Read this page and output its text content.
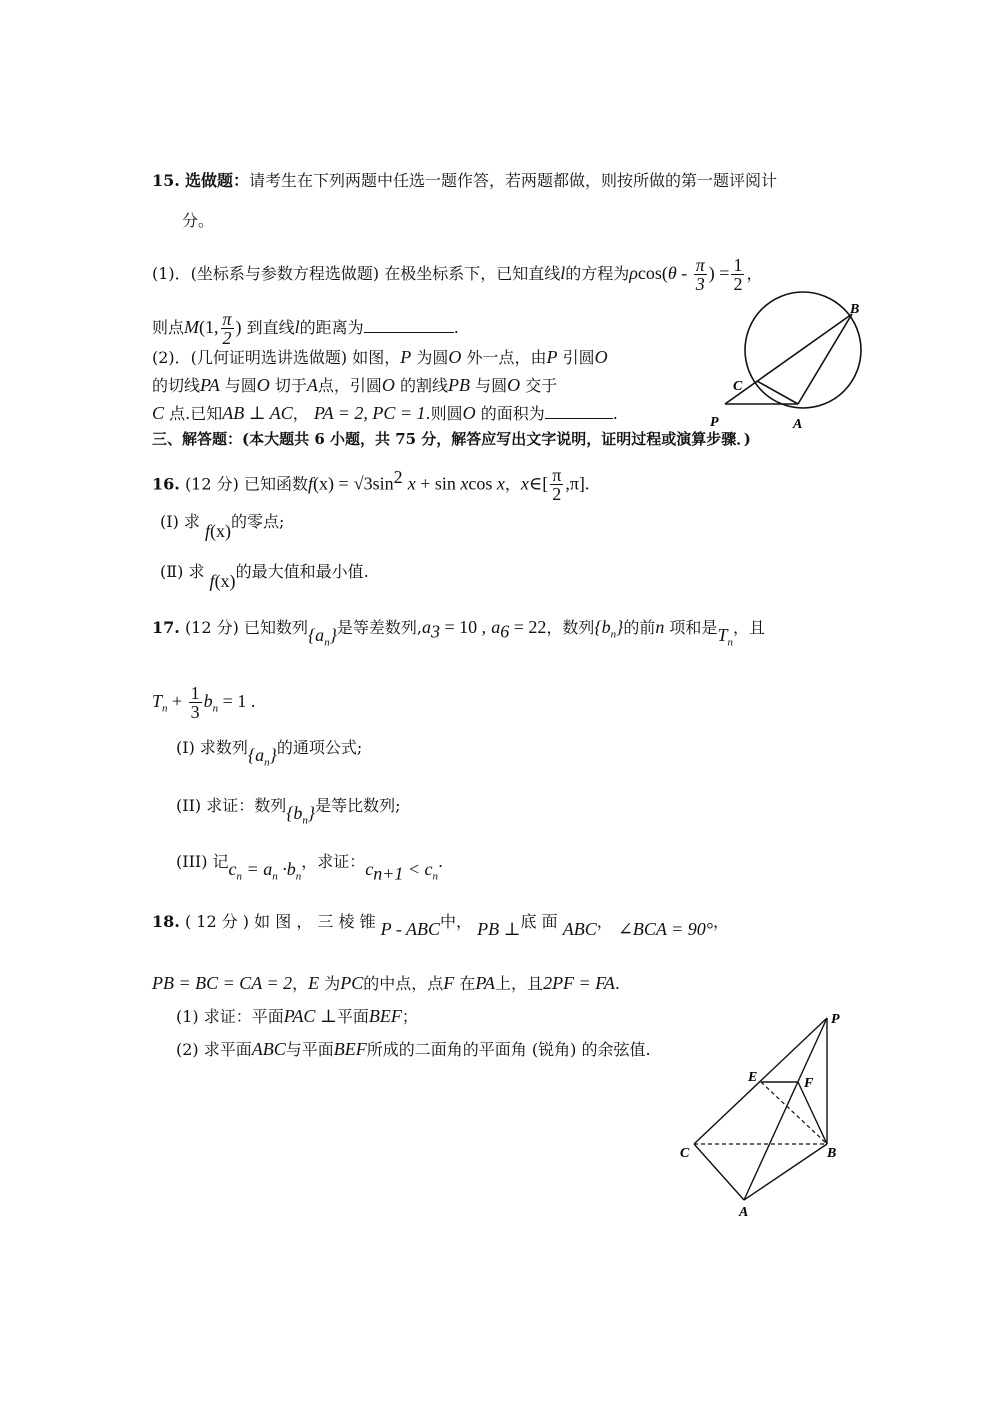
15. 选做题：请考生在下列两题中任选一题作答，若两题都做，则按所做的第一题评阅计
分。
(1)．(坐标系与参数方程选做题) 在极坐标系下，已知直线l的方程为$\rho\cos(\theta - \frac{\pi}{3}$ ) = $\frac{1}{2}$ ，
则点M(1, $\frac{\pi}{2}$ ) 到直线l的距离为	.
(2)．(几何证明选讲选做题) 如图，P 为圆O 外一点，由P 引圆O
的切线PA 与圆O 切于A点，引圆O 的割线PB 与圆O 交于
C 点.已知AB ⊥ AC， PA = 2, PC = 1.则圆O 的面积为	.
B
C
P	A
三、解答题：(本大题共 6 小题，共 75 分，解答应写出文字说明，证明过程或演算步骤．)
16. (12 分) 已知函数$f(x) = √3\sin^2$ x + sin xcos x，x∈[ $\frac{\pi}{2} ,\pi$].
(Ⅰ) 求 f(x)的零点;
(Ⅱ) 求 f(x)的最大值和最小值.
17. (12 分) 已知数列$\{a_n\}$是等差数列$,a_3 = 10$ , $a_6 = 22$，数列$\{b_n\}$的前n 项和是$T_n$，且
$T_n + \frac{1}{3} b_n = 1$ .
(I) 求数列$\{a_n\}$的通项公式;
(II) 求证：数列$\{b_n\}$是等比数列;
(III) 记$c_n = a_n \cdot b_n$，求证：$c_{n+1} < c_n$.
18. ( 12 分 ) 如 图 ， 三 棱 锥 P - ABC中， PB ⊥底 面 ABC， ∠BCA = 90°，
PB = BC = CA = 2，E 为PC的中点，点F 在PA上，且2PF = FA.
(1) 求证：平面PAC ⊥平面BEF；
(2) 求平面ABC与平面BEF所成的二面角的平面角 (锐角) 的余弦值.
P
E	F
C	B
A
